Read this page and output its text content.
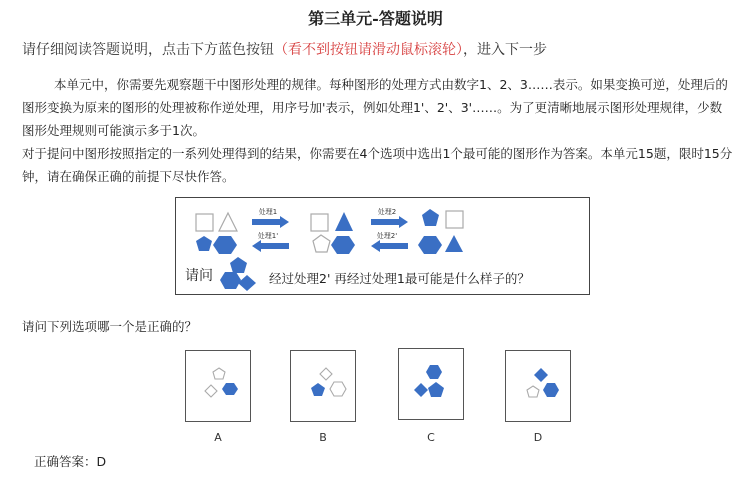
第三单元-答题说明
请仔细阅读答题说明，点击下方蓝色按钮（看不到按钮请滑动鼠标滚轮），进入下一步
本单元中，你需要先观察题干中图形处理的规律。每种图形的处理方式由数字1、2、3……表示。如果变换可逆，处理后的图形变换为原来的图形的处理被称作逆处理，用序号加'表示，例如处理1'、2'、3'……。为了更清晰地展示图形处理规律，少数图形处理规则可能演示多于1次。
对于提问中图形按照指定的一系列处理得到的结果，你需要在4个选项中选出1个最可能的图形作为答案。本单元15题，限时15分钟，请在确保正确的前提下尽快作答。
处理1
处理1'
处理2
处理2'
请问	经过处理2' 再经过处理1最可能是什么样子的？
请问下列选项哪一个是正确的？
A	B	C	D
正确答案：D
